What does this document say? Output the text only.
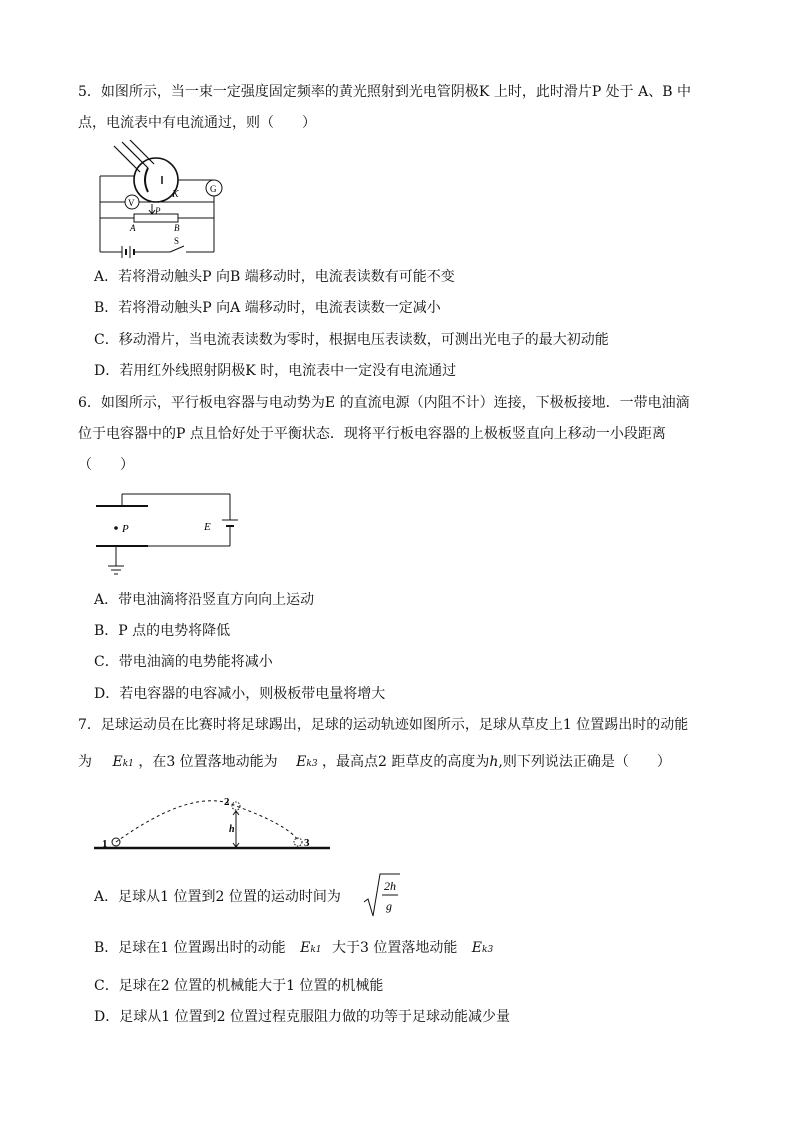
5．如图所示，当一束一定强度固定频率的黄光照射到光电管阴极K 上时，此时滑片P 处于 A、B 中
点，电流表中有电流通过，则（　　）
K	G
V
P
A	B
S
A．若将滑动触头P 向B 端移动时，电流表读数有可能不变
B．若将滑动触头P 向A 端移动时，电流表读数一定减小
C．移动滑片，当电流表读数为零时，根据电压表读数，可测出光电子的最大初动能
D．若用红外线照射阴极K 时，电流表中一定没有电流通过
6．如图所示，平行板电容器与电动势为E 的直流电源（内阻不计）连接，下极板接地．一带电油滴
位于电容器中的P 点且恰好处于平衡状态．现将平行板电容器的上极板竖直向上移动一小段距离
（　　）
E
P
A．带电油滴将沿竖直方向向上运动
B．P 点的电势将降低
C．带电油滴的电势能将减小
D．若电容器的电容减小，则极板带电量将增大
7．足球运动员在比赛时将足球踢出，足球的运动轨迹如图所示，足球从草皮上1 位置踢出时的动能
为 Ek1 ，在3 位置落地动能为 Ek3 ，最高点2 距草皮的高度为h,则下列说法正确是（　　）
1
2
3
h
A．足球从1 位置到2 位置的运动时间为
2h
g
B．足球在1 位置踢出时的动能 Ek1 大于3 位置落地动能 Ek3
C．足球在2 位置的机械能大于1 位置的机械能
D．足球从1 位置到2 位置过程克服阻力做的功等于足球动能减少量
